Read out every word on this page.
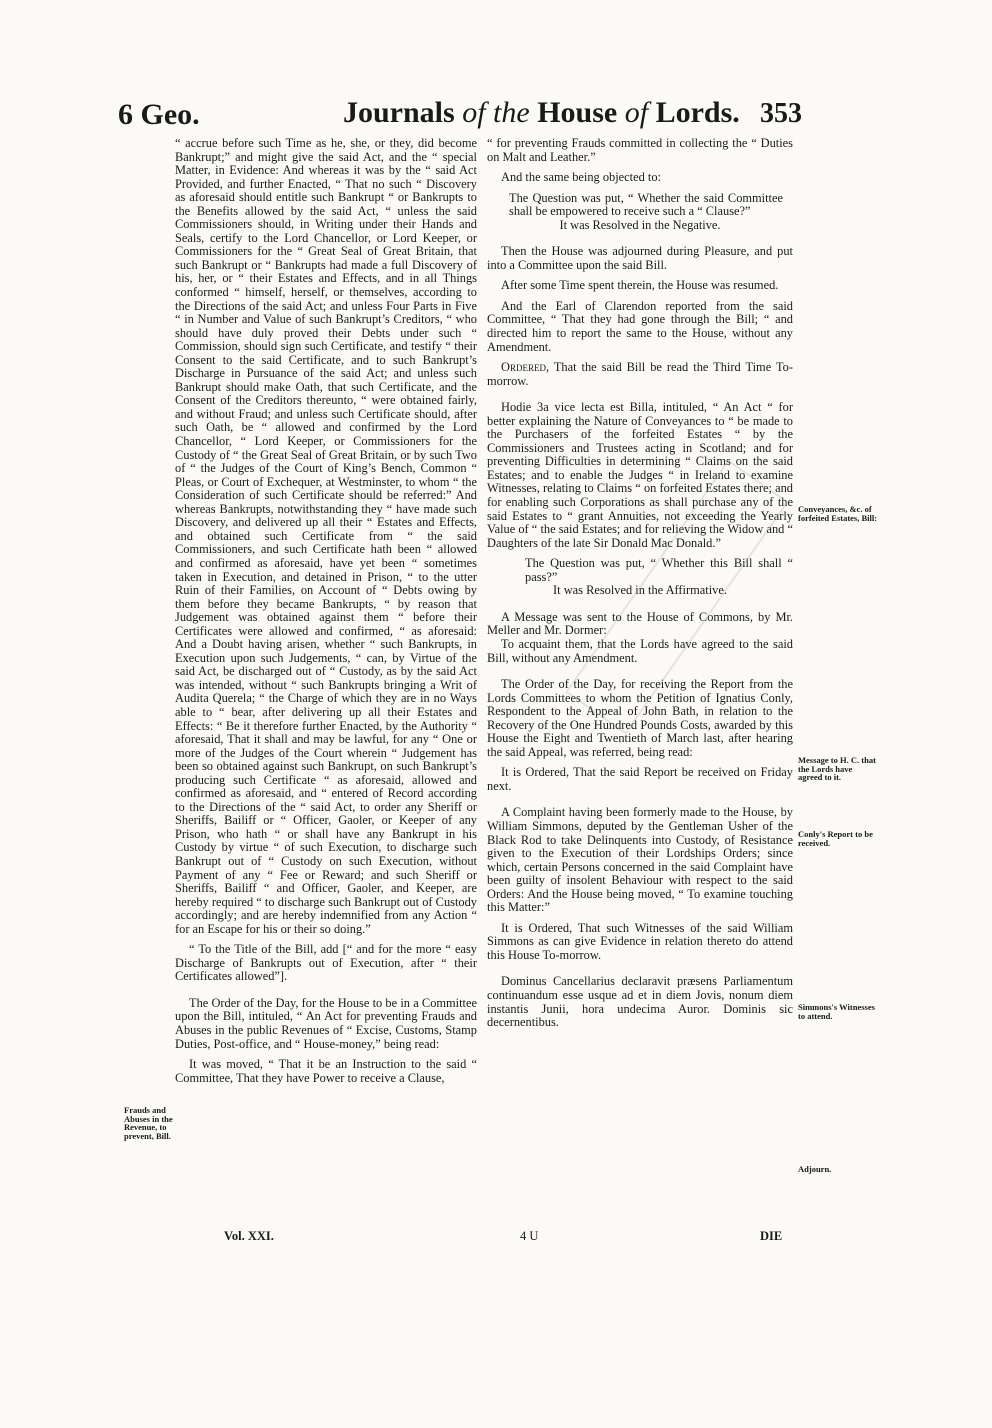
6 Geo.	Journals of the House of Lords. 353

“ accrue before such Time as he, she, or they, did become Bankrupt;” and might give the said Act, and the “ special Matter, in Evidence: And whereas it was by the “ said Act Provided, and further Enacted, “ That no such “ Discovery as aforesaid should entitle such Bankrupt “ or Bankrupts to the Benefits allowed by the said Act, “ unless the said Commissioners should, in Writing under their Hands and Seals, certify to the Lord Chancellor, or Lord Keeper, or Commissioners for the “ Great Seal of Great Britain, that such Bankrupt or “ Bankrupts had made a full Discovery of his, her, or “ their Estates and Effects, and in all Things conformed “ himself, herself, or themselves, according to the Directions of the said Act; and unless Four Parts in Five “ in Number and Value of such Bankrupt’s Creditors, “ who should have duly proved their Debts under such “ Commission, should sign such Certificate, and testify “ their Consent to the said Certificate, and to such Bankrupt’s Discharge in Pursuance of the said Act; and unless such Bankrupt should make Oath, that such Certificate, and the Consent of the Creditors thereunto, “ were obtained fairly, and without Fraud; and unless such Certificate should, after such Oath, be “ allowed and confirmed by the Lord Chancellor, “ Lord Keeper, or Commissioners for the Custody of “ the Great Seal of Great Britain, or by such Two of “ the Judges of the Court of King’s Bench, Common “ Pleas, or Court of Exchequer, at Westminster, to whom “ the Consideration of such Certificate should be referred:” And whereas Bankrupts, notwithstanding they “ have made such Discovery, and delivered up all their “ Estates and Effects, and obtained such Certificate from “ the said Commissioners, and such Certificate hath been “ allowed and confirmed as aforesaid, have yet been “ sometimes taken in Execution, and detained in Prison, “ to the utter Ruin of their Families, on Account of “ Debts owing by them before they became Bankrupts, “ by reason that Judgement was obtained against them “ before their Certificates were allowed and confirmed, “ as aforesaid: And a Doubt having arisen, whether “ such Bankrupts, in Execution upon such Judgements, “ can, by Virtue of the said Act, be discharged out of “ Custody, as by the said Act was intended, without “ such Bankrupts bringing a Writ of Audita Querela; “ the Charge of which they are in no Ways able to “ bear, after delivering up all their Estates and Effects: “ Be it therefore further Enacted, by the Authority “ aforesaid, That it shall and may be lawful, for any “ One or more of the Judges of the Court wherein “ Judgement has been so obtained against such Bankrupt, on such Bankrupt’s producing such Certificate “ as aforesaid, allowed and confirmed as aforesaid, and “ entered of Record according to the Directions of the “ said Act, to order any Sheriff or Sheriffs, Bailiff or “ Officer, Gaoler, or Keeper of any Prison, who hath “ or shall have any Bankrupt in his Custody by virtue “ of such Execution, to discharge such Bankrupt out of “ Custody on such Execution, without Payment of any “ Fee or Reward; and such Sheriff or Sheriffs, Bailiff “ and Officer, Gaoler, and Keeper, are hereby required “ to discharge such Bankrupt out of Custody accordingly; and are hereby indemnified from any Action “ for an Escape for his or their so doing.”

“ To the Title of the Bill, add [“ and for the more “ easy Discharge of Bankrupts out of Execution, after “ their Certificates allowed”].

The Order of the Day, for the House to be in a Committee upon the Bill, intituled, “ An Act for preventing Frauds and Abuses in the public Revenues of “ Excise, Customs, Stamp Duties, Post-office, and “ House-money,” being read:

It was moved, “ That it be an Instruction to the said “ Committee, That they have Power to receive a Clause,

“ for preventing Frauds committed in collecting the “ Duties on Malt and Leather.”

And the same being objected to:

The Question was put, “ Whether the said Committee shall be empowered to receive such a “ Clause?”

It was Resolved in the Negative.

Then the House was adjourned during Pleasure, and put into a Committee upon the said Bill.

After some Time spent therein, the House was resumed.

And the Earl of Clarendon reported from the said Committee, “ That they had gone through the Bill; “ and directed him to report the same to the House, without any Amendment.

Ordered, That the said Bill be read the Third Time To-morrow.

Hodie 3a vice lecta est Billa, intituled, “ An Act “ for better explaining the Nature of Conveyances to “ be made to the Purchasers of the forfeited Estates “ by the Commissioners and Trustees acting in Scotland; and for preventing Difficulties in determining “ Claims on the said Estates; and to enable the Judges “ in Ireland to examine Witnesses, relating to Claims “ on forfeited Estates there; and for enabling such Corporations as shall purchase any of the said Estates to “ grant Annuities, not exceeding the Yearly Value of “ the said Estates; and for relieving the Widow and “ Daughters of the late Sir Donald Mac Donald.”

The Question was put, “ Whether this Bill shall “ pass?”

It was Resolved in the Affirmative.

A Message was sent to the House of Commons, by Mr. Meller and Mr. Dormer:

To acquaint them, that the Lords have agreed to the said Bill, without any Amendment.

The Order of the Day, for receiving the Report from the Lords Committees to whom the Petition of Ignatius Conly, Respondent to the Appeal of John Bath, in relation to the Recovery of the One Hundred Pounds Costs, awarded by this House the Eight and Twentieth of March last, after hearing the said Appeal, was referred, being read:

It is Ordered, That the said Report be received on Friday next.

A Complaint having been formerly made to the House, by William Simmons, deputed by the Gentleman Usher of the Black Rod to take Delinquents into Custody, of Resistance given to the Execution of their Lordships Orders; since which, certain Persons concerned in the said Complaint have been guilty of insolent Behaviour with respect to the said Orders: And the House being moved, “ To examine touching this Matter:”

It is Ordered, That such Witnesses of the said William Simmons as can give Evidence in relation thereto do attend this House To-morrow.

Dominus Cancellarius declaravit præsens Parliamentum continuandum esse usque ad et in diem Jovis, nonum diem instantis Junii, hora undecima Auror. Dominis sic decernentibus.

Frauds and Abuses in the Revenue, to prevent, Bill.
Conveyances, &c. of forfeited Estates, Bill:
Message to H. C. that the Lords have agreed to it.
Conly's Report to be received.
Simmons's Witnesses to attend.
Adjourn.
Vol. XXI.	4 U	DIE
